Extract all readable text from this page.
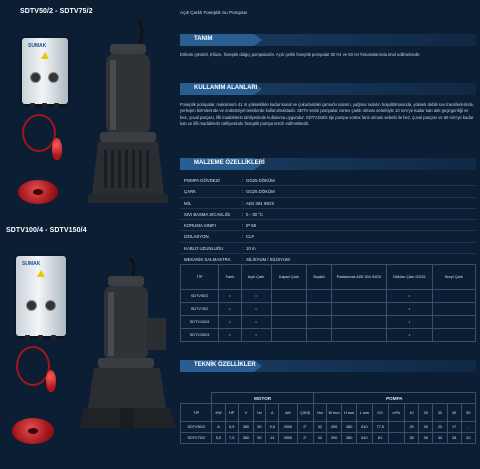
SDTV50/2 - SDTV75/2
SUMAK
SDTV100/4 - SDTV150/4
SUMAK
Açık Çarklı Foseptik Su Pompası
TANIM
Döküm gövdeli, trifaze, foseptik dalgıç pompalardır. Açık çarklı foseptik pompalar 50 Hz ve 60 Hz frekanslarında imal edilmektedir.
KULLANIM ALANLARI
Foseptik pompalar, maksimum 41 m yükseklikle kadar kanal ve çukurlardaki çamurlu suların, yağmur suların boşaltılmasında, yüksek debili sıvı transferlerinde, yerleşim birimlerinde ve endüstriyel tesislerde kullanılmaktadır. SDTV serisi pompalar vortex çarklı olması sebebiyle 10 mm'ye kadar katı atık geçirgenliği ve bez, çuval parçası, lifli maddelerin tahliyesinde kullanıma uygundur. SDTV150/4 tipi pompa vortex fanlı olması sebebi ile bez, çuval parçası ve 50 mm'ye kadar katı ve lifli maddelerin tahliyesinde foseptik pompa tercih edilmektedir.
MALZEME ÖZELLİKLERİ
POMPA GÖVDESİ	: GG25 DÖKÜM
ÇARK	: GG25 DÖKÜM
MİL	: AISI 304 INOX
SIVI BASMA SICAKLIĞI	: 0 - 30 °C
KORUMA SINIFI	: IP 68
İZOLASYON	: CLF
KABLO UZUNLUĞU	: 10 m
MEKANİK SALMASTRA	: SİLİSYUM / SİLİSYUM
TİP	Fanlı	Açık Çark	Kapalı Çark	Bıçaklı	Paslanmaz AISI 304 INOX	Döküm Çark GG25	Noryl Çark
SDTV50/2	•	•				•	
SDTV75/2	•	•				•	
SDTV100/4	•	•				•	
SDTV150/4	•	•				•	
TEKNİK ÖZELLİKLER
	MOTOR							POMPA										
TİP	KW	HP	V	Hz	A	d/d	ÇIKIŞ	Hm	W mm	H mm	L mm	KG	m³/h	10	20	30	40	50
SDTV50/2	A	5,5	380	50	9,5	2900	2"	32	290	380	610	77,5		29	26	23	17	-
SDTV75/2	5,5	7,5	380	50	14	2900	2"	42	290	380	610	81		38	36	33	28	20
